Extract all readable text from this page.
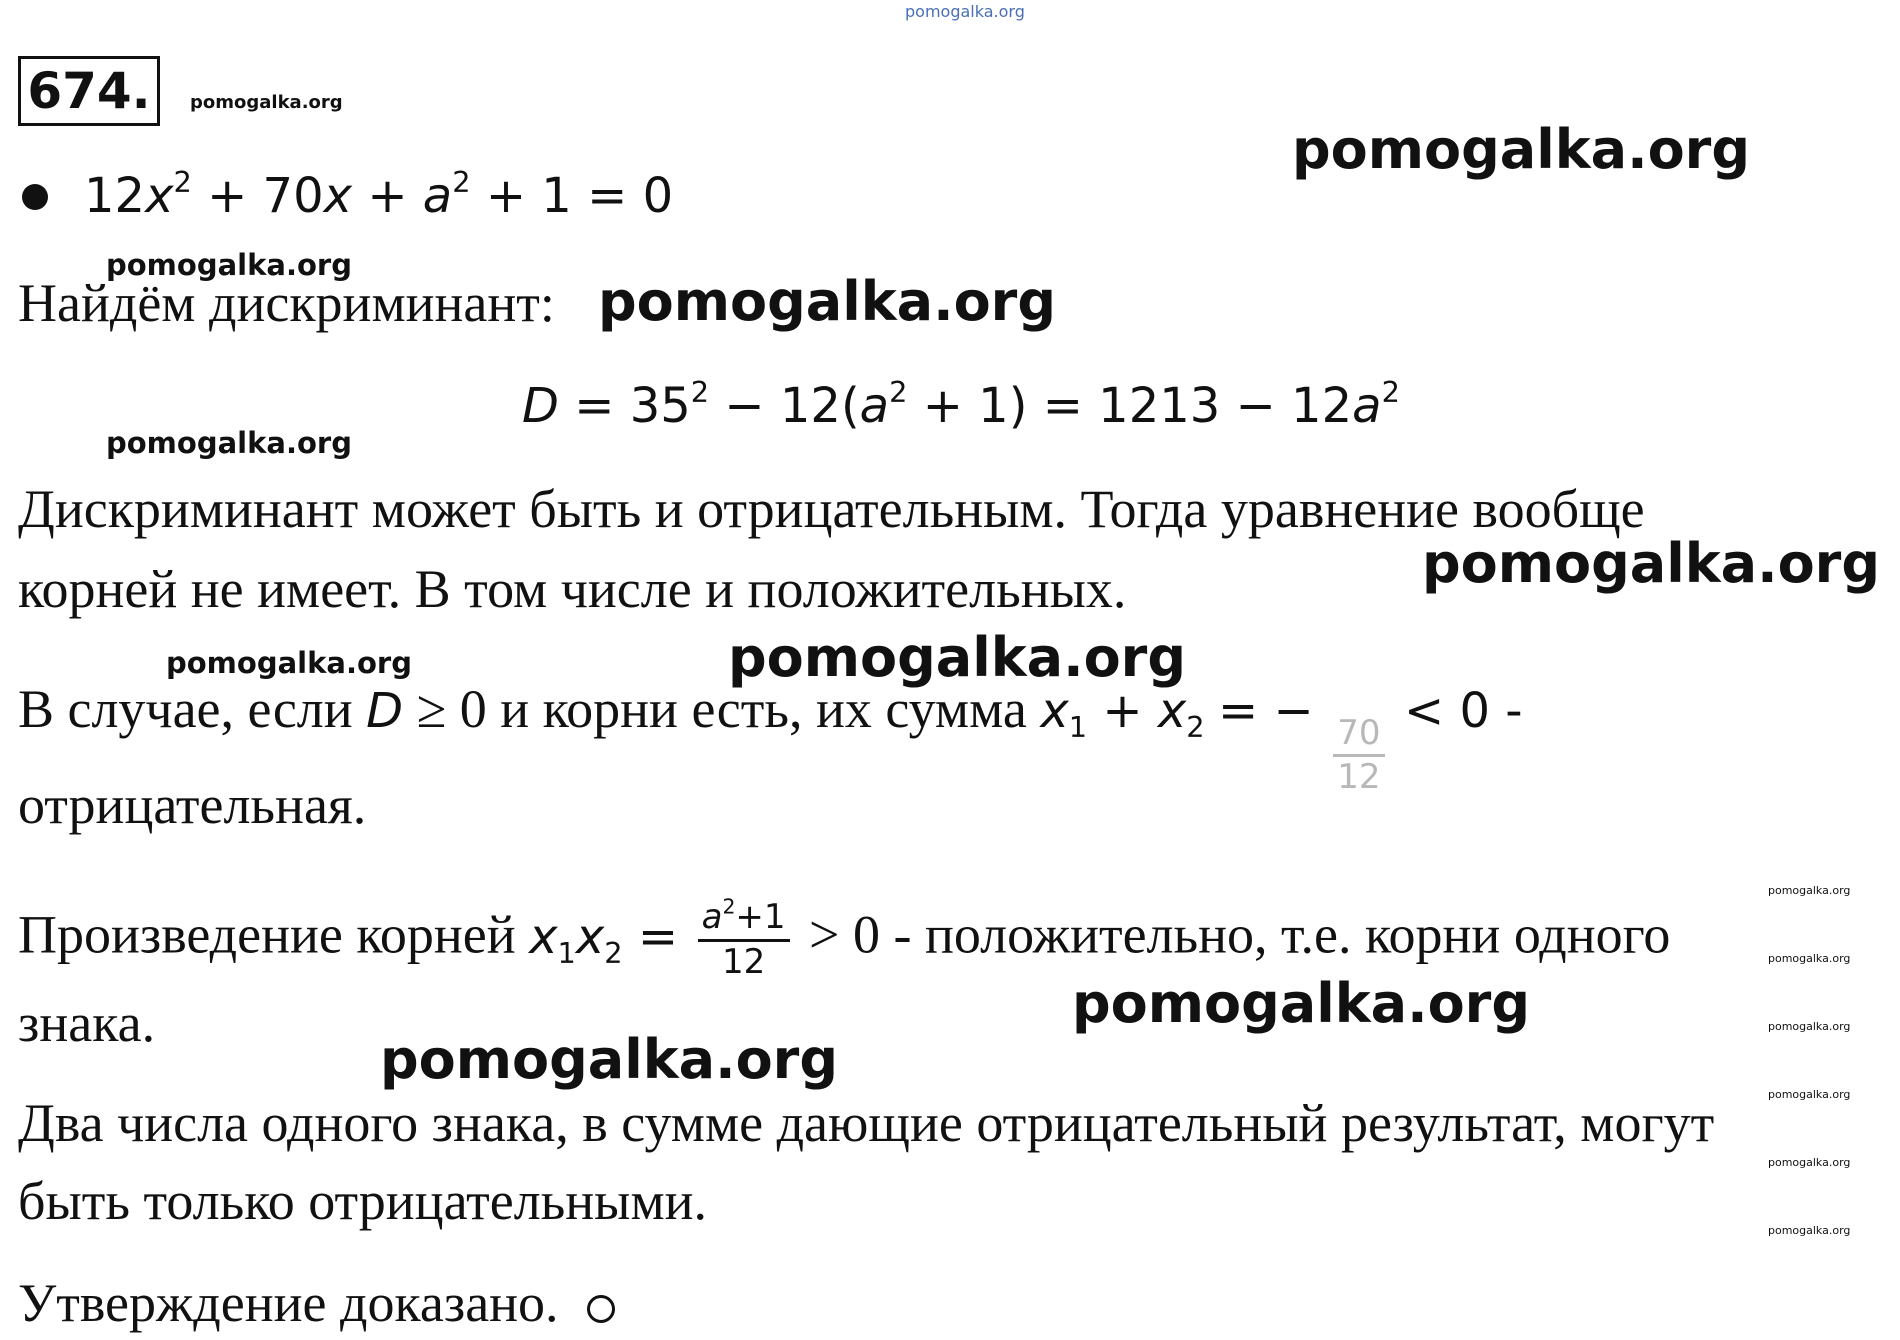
pomogalka.org
674.	pomogalka.org
pomogalka.org
$12x^2 + 70x + a^2 + 1 = 0$
pomogalka.org
Найдём дискриминант: pomogalka.org
$D = 35^2 - 12(a^2 + 1) = 1213 - 12a^2$
pomogalka.org
Дискриминант может быть и отрицательным. Тогда уравнение вообще
pomogalka.org
корней не имеет. В том числе и положительных.
pomogalka.org	pomogalka.org
В случае, если D ≥ 0 и корни есть, их сумма $x_1 + x_2$ = −
$\frac{70}{12}$
< 0 -
отрицательная.
pomogalka.org
Произведение корней $x_1x_2 = \frac{a^2+1}{12} > 0$ - положительно, т.е. корни одного	pomogalka.org
pomogalka.org
знака.	pomogalka.org
pomogalka.org
pomogalka.org
Два числа одного знака, в сумме дающие отрицательный результат, могут
pomogalka.org
быть только отрицательными.	pomogalka.org
Утверждение доказано.
